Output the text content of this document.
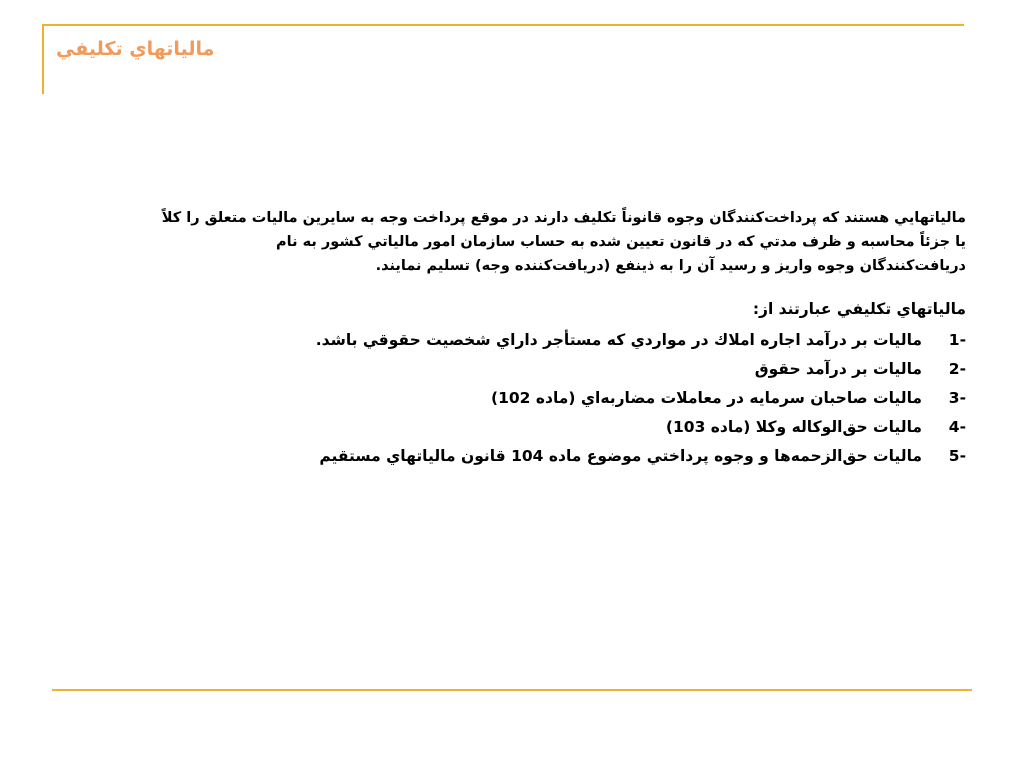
مالياتهاي تكليفي
مالياتهايي هستند كه پرداخت‌كنندگان وجوه قانوناً تكليف دارند در موقع پرداخت وجه به سايرين ماليات متعلق را كلاً
يا جزئاً محاسبه و ظرف مدتي كه در قانون تعيين شده به حساب سازمان امور مالياتي كشور به نام
دريافت‌كنندگان وجوه واريز و رسيد آن را به ذينفع (دريافت‌كننده وجه) تسليم نمايند.
مالياتهاي تكليفي عبارتند از:
1-
ماليات بر درآمد اجاره املاك در مواردي كه مستأجر داراي شخصيت حقوقي باشد.
2-
ماليات بر درآمد حقوق
3-
ماليات صاحبان سرمايه در معاملات مضاربه‌اي (ماده 102)
4-
ماليات حق‌الوكاله وكلا (ماده 103)
5-
ماليات حق‌الزحمه‌ها و وجوه پرداختي موضوع ماده 104 قانون مالياتهاي مستقيم
